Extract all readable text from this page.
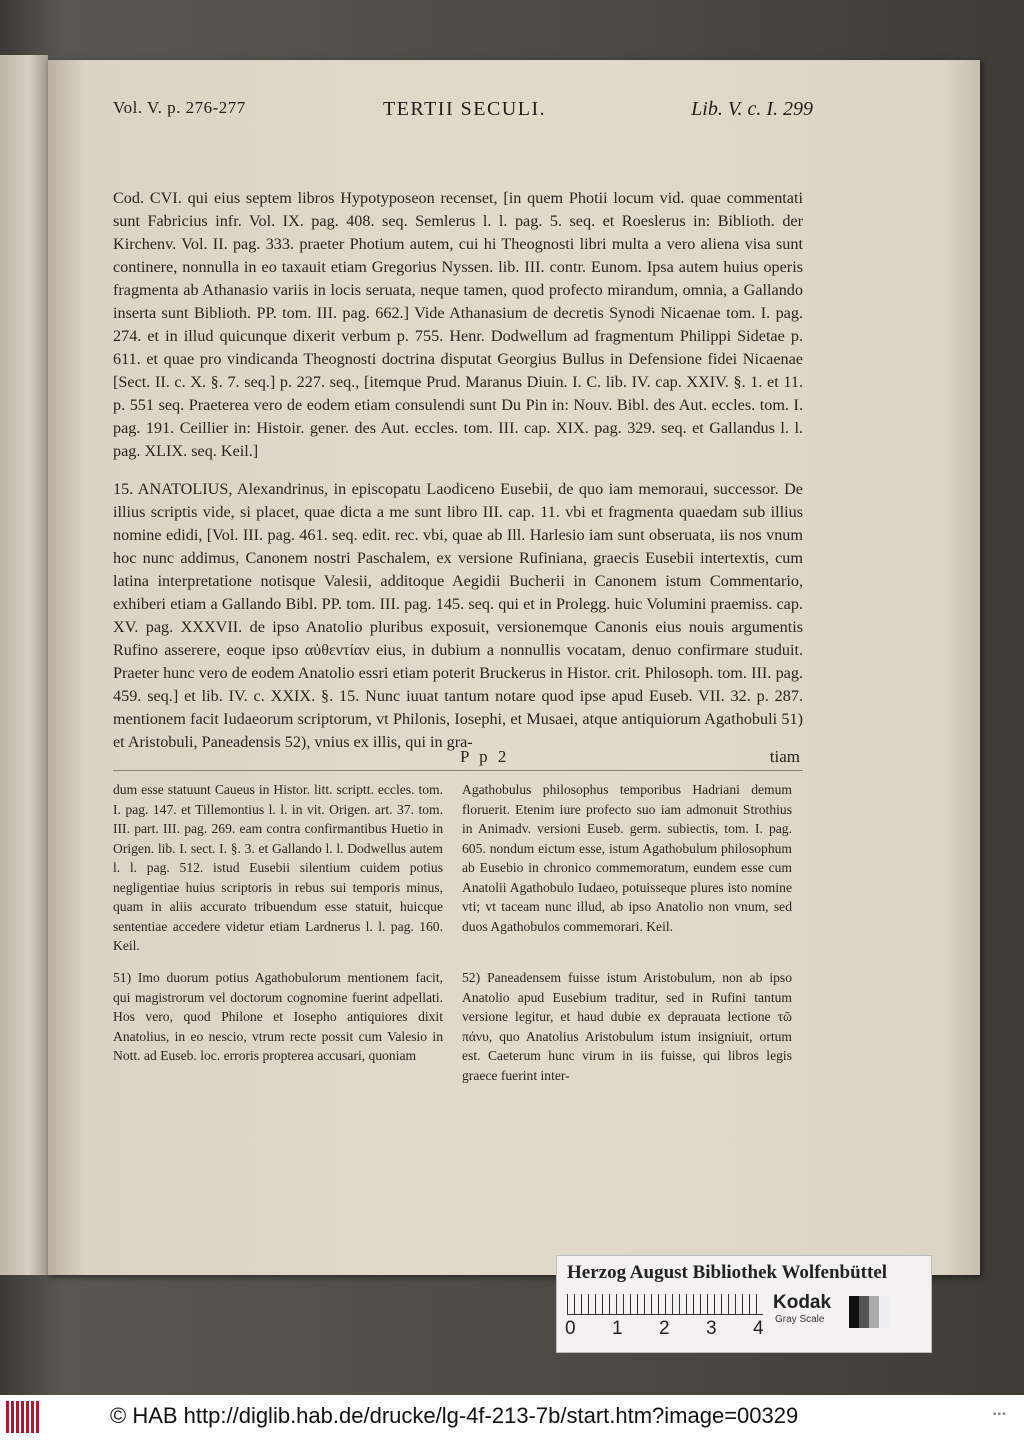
Vol. V. p. 276-277	TERTII SECULI.	Lib. V. c. I. 299
Cod. CVI. qui eius septem libros Hypotyposeon recenset, [in quem Photii locum vid. quae commentati sunt Fabricius infr. Vol. IX. pag. 408. seq. Semlerus l. l. pag. 5. seq. et Roeslerus in: Biblioth. der Kirchenv. Vol. II. pag. 333. praeter Photium autem, cui hi Theognosti libri multa a vero aliena visa sunt continere, nonnulla in eo taxauit etiam Gregorius Nyssen. lib. III. contr. Eunom. Ipsa autem huius operis fragmenta ab Athanasio variis in locis seruata, neque tamen, quod profecto mirandum, omnia, a Gallando inserta sunt Biblioth. PP. tom. III. pag. 662.] Vide Athanasium de decretis Synodi Nicaenae tom. I. pag. 274. et in illud quicunque dixerit verbum p. 755. Henr. Dodwellum ad fragmentum Philippi Sidetae p. 611. et quae pro vindicanda Theognosti doctrina disputat Georgius Bullus in Defensione fidei Nicaenae [Sect. II. c. X. §. 7. seq.] p. 227. seq., [itemque Prud. Maranus Diuin. I. C. lib. IV. cap. XXIV. §. 1. et 11. p. 551 seq. Praeterea vero de eodem etiam consulendi sunt Du Pin in: Nouv. Bibl. des Aut. eccles. tom. I. pag. 191. Ceillier in: Histoir. gener. des Aut. eccles. tom. III. cap. XIX. pag. 329. seq. et Gallandus l. l. pag. XLIX. seq. Keil.]
15. ANATOLIUS, Alexandrinus, in episcopatu Laodiceno Eusebii, de quo iam memoraui, successor. De illius scriptis vide, si placet, quae dicta a me sunt libro III. cap. 11. vbi et fragmenta quaedam sub illius nomine edidi, [Vol. III. pag. 461. seq. edit. rec. vbi, quae ab Ill. Harlesio iam sunt obseruata, iis nos vnum hoc nunc addimus, Canonem nostri Paschalem, ex versione Rufiniana, graecis Eusebii intertextis, cum latina interpretatione notisque Valesii, additoque Aegidii Bucherii in Canonem istum Commentario, exhiberi etiam a Gallando Bibl. PP. tom. III. pag. 145. seq. qui et in Prolegg. huic Volumini praemiss. cap. XV. pag. XXXVII. de ipso Anatolio pluribus exposuit, versionemque Canonis eius nouis argumentis Rufino asserere, eoque ipso αὐθεντίαν eius, in dubium a nonnullis vocatam, denuo confirmare studuit. Praeter hunc vero de eodem Anatolio essri etiam poterit Bruckerus in Histor. crit. Philosoph. tom. III. pag. 459. seq.] et lib. IV. c. XXIX. §. 15. Nunc iuuat tantum notare quod ipse apud Euseb. VII. 32. p. 287. mentionem facit Iudaeorum scriptorum, vt Philonis, Iosephi, et Musaei, atque antiquiorum Agathobuli 51) et Aristobuli, Paneadensis 52), vnius ex illis, qui in gra-
P p 2	tiam
dum esse statuunt Caueus in Histor. litt. scriptt. eccles. tom. I. pag. 147. et Tillemontius l. l. in vit. Origen. art. 37. tom. III. part. III. pag. 269. eam contra confirmantibus Huetio in Origen. lib. I. sect. I. §. 3. et Gallando l. l. Dodwellus autem l. l. pag. 512. istud Eusebii silentium cuidem potius negligentiae huius scriptoris in rebus sui temporis minus, quam in aliis accurato tribuendum esse statuit, huicque sententiae accedere videtur etiam Lardnerus l. l. pag. 160. Keil.
Agathobulus philosophus temporibus Hadriani demum floruerit. Etenim iure profecto suo iam admonuit Strothius in Animadv. versioni Euseb. germ. subiectis, tom. I. pag. 605. nondum eictum esse, istum Agathobulum philosophum ab Eusebio in chronico commemoratum, eundem esse cum Anatolii Agathobulo Iudaeo, potuisseque plures isto nomine vti; vt taceam nunc illud, ab ipso Anatolio non vnum, sed duos Agathobulos commemorari. Keil.
51) Imo duorum potius Agathobulorum mentionem facit, qui magistrorum vel doctorum cognomine fuerint adpellati. Hos vero, quod Philone et Iosepho antiquiores dixit Anatolius, in eo nescio, vtrum recte possit cum Valesio in Nott. ad Euseb. loc. erroris propterea accusari, quoniam
52) Paneadensem fuisse istum Aristobulum, non ab ipso Anatolio apud Eusebium traditur, sed in Rufini tantum versione legitur, et haud dubie ex deprauata lectione τῶ πάνυ, quo Anatolius Aristobulum istum insigniuit, ortum est. Caeterum hunc virum in iis fuisse, qui libros legis graece fuerint inter-
Herzog August Bibliothek Wolfenbüttel
0 1 2 3 4
Kodak
Gray Scale
© HAB http://diglib.hab.de/drucke/lg-4f-213-7b/start.htm?image=00329	▪▪▪
